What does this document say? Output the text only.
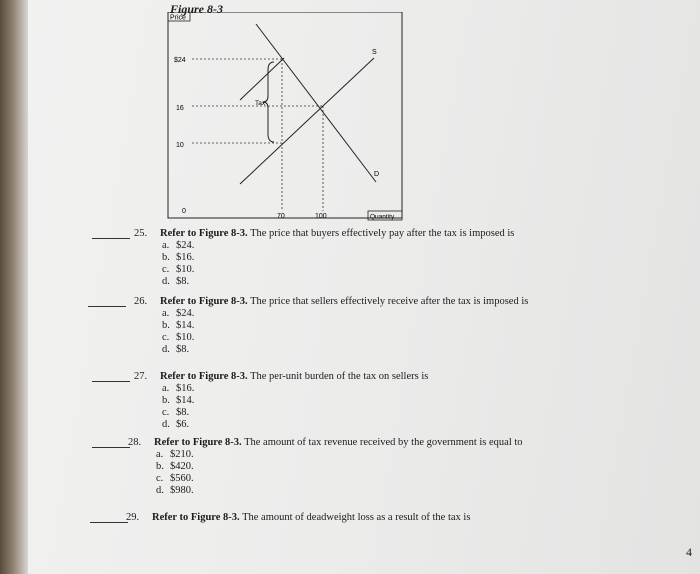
Figure 8-3
Price
Quantity
$24
16
10
0
70	100
S
D
Tax
25. Refer to Figure 8-3. The price that buyers effectively pay after the tax is imposed is
a. $24.
b. $16.
c. $10.
d. $8.
26. Refer to Figure 8-3. The price that sellers effectively receive after the tax is imposed is
a. $24.
b. $14.
c. $10.
d. $8.
27. Refer to Figure 8-3. The per-unit burden of the tax on sellers is
a. $16.
b. $14.
c. $8.
d. $6.
28. Refer to Figure 8-3. The amount of tax revenue received by the government is equal to
a. $210.
b. $420.
c. $560.
d. $980.
29. Refer to Figure 8-3. The amount of deadweight loss as a result of the tax is
4
